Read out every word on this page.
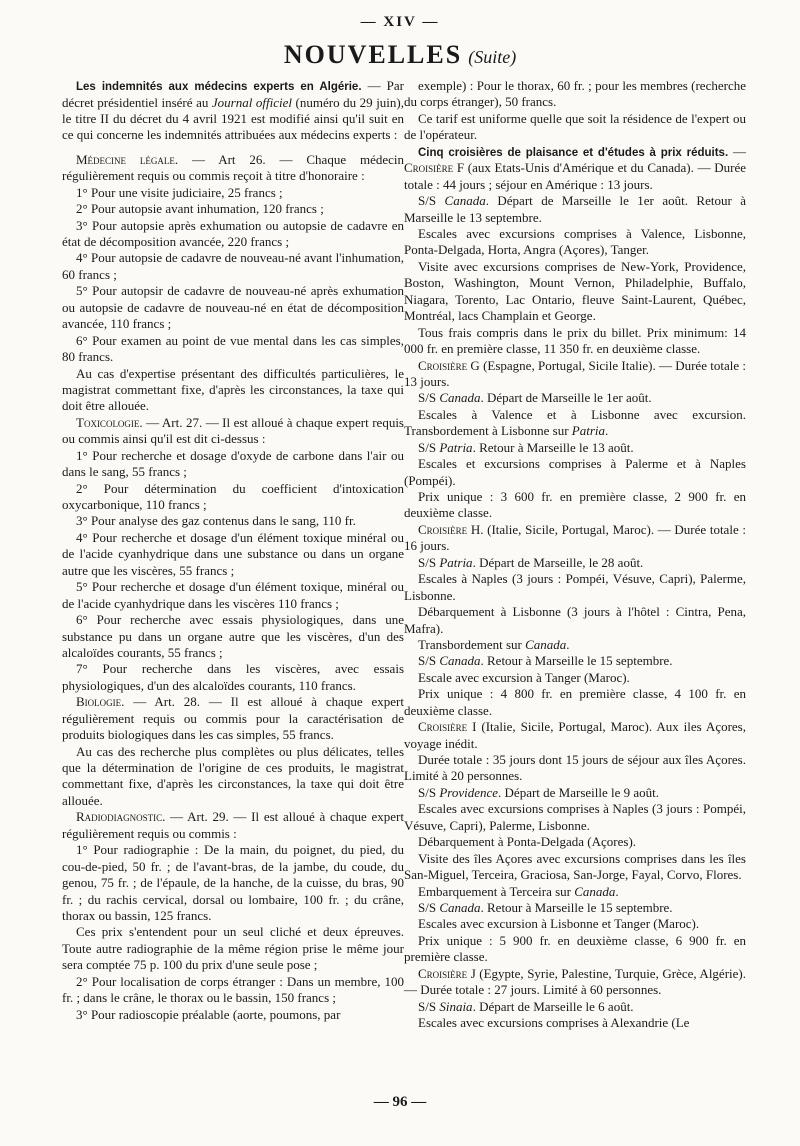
— XIV —
NOUVELLES (Suite)

Les indemnités aux médecins experts en Algérie. — Par décret présidentiel inséré au Journal officiel (numéro du 29 juin), le titre II du décret du 4 avril 1921 est modifié ainsi qu'il suit en ce qui concerne les indemnités attribuées aux médecins experts :

Médecine légale. — Art 26. — Chaque médecin régulièrement requis ou commis reçoit à titre d'honoraire :

1° Pour une visite judiciaire, 25 francs ;

2° Pour autopsie avant inhumation, 120 francs ;

3° Pour autopsie après exhumation ou autopsie de cadavre en état de décomposition avancée, 220 francs ;

4° Pour autopsie de cadavre de nouveau-né avant l'inhumation, 60 francs ;

5° Pour autopsir de cadavre de nouveau-né après exhumation ou autopsie de cadavre de nouveau-né en état de décomposition avancée, 110 francs ;

6° Pour examen au point de vue mental dans les cas simples, 80 francs.

Au cas d'expertise présentant des difficultés particulières, le magistrat commettant fixe, d'après les circonstances, la taxe qui doit être allouée.

Toxicologie. — Art. 27. — Il est alloué à chaque expert requis ou commis ainsi qu'il est dit ci-dessus :

1° Pour recherche et dosage d'oxyde de carbone dans l'air ou dans le sang, 55 francs ;

2° Pour détermination du coefficient d'intoxication oxycarbonique, 110 francs ;

3° Pour analyse des gaz contenus dans le sang, 110 fr.

4° Pour recherche et dosage d'un élément toxique minéral ou de l'acide cyanhydrique dans une substance ou dans un organe autre que les viscères, 55 francs ;

5° Pour recherche et dosage d'un élément toxique, minéral ou de l'acide cyanhydrique dans les viscères 110 francs ;

6° Pour recherche avec essais physiologiques, dans une substance pu dans un organe autre que les viscères, d'un des alcaloïdes courants, 55 francs ;

7° Pour recherche dans les viscères, avec essais physiologiques, d'un des alcaloïdes courants, 110 francs.

Biologie. — Art. 28. — Il est alloué à chaque expert régulièrement requis ou commis pour la caractérisation de produits biologiques dans les cas simples, 55 francs.

Au cas des recherche plus complètes ou plus délicates, telles que la détermination de l'origine de ces produits, le magistrat commettant fixe, d'après les circonstances, la taxe qui doit être allouée.

Radiodiagnostic. — Art. 29. — Il est alloué à chaque expert régulièrement requis ou commis :

1° Pour radiographie : De la main, du poignet, du pied, du cou-de-pied, 50 fr. ; de l'avant-bras, de la jambe, du coude, du genou, 75 fr. ; de l'épaule, de la hanche, de la cuisse, du bras, 90 fr. ; du rachis cervical, dorsal ou lombaire, 100 fr. ; du crâne, thorax ou bassin, 125 francs.

Ces prix s'entendent pour un seul cliché et deux épreuves. Toute autre radiographie de la même région prise le même jour sera comptée 75 p. 100 du prix d'une seule pose ;

2° Pour localisation de corps étranger : Dans un membre, 100 fr. ; dans le crâne, le thorax ou le bassin, 150 francs ;

3° Pour radioscopie préalable (aorte, poumons, par

exemple) : Pour le thorax, 60 fr. ; pour les membres (recherche du corps étranger), 50 francs.

Ce tarif est uniforme quelle que soit la résidence de l'expert ou de l'opérateur.

Cinq croisières de plaisance et d'études à prix réduits. — Croisière F (aux Etats-Unis d'Amérique et du Canada). — Durée totale : 44 jours ; séjour en Amérique : 13 jours.

S/S Canada. Départ de Marseille le 1er août. Retour à Marseille le 13 septembre.

Escales avec excursions comprises à Valence, Lisbonne, Ponta-Delgada, Horta, Angra (Açores), Tanger.

Visite avec excursions comprises de New-York, Providence, Boston, Washington, Mount Vernon, Philadelphie, Buffalo, Niagara, Torento, Lac Ontario, fleuve Saint-Laurent, Québec, Montréal, lacs Champlain et George.

Tous frais compris dans le prix du billet. Prix minimum: 14 000 fr. en première classe, 11 350 fr. en deuxième classe.

Croisière G (Espagne, Portugal, Sicile Italie). — Durée totale : 13 jours.

S/S Canada. Départ de Marseille le 1er août.

Escales à Valence et à Lisbonne avec excursion. Transbordement à Lisbonne sur Patria.

S/S Patria. Retour à Marseille le 13 août.

Escales et excursions comprises à Palerme et à Naples (Pompéi).

Prix unique : 3 600 fr. en première classe, 2 900 fr. en deuxième classe.

Croisière H. (Italie, Sicile, Portugal, Maroc). — Durée totale : 16 jours.

S/S Patria. Départ de Marseille, le 28 août.

Escales à Naples (3 jours : Pompéi, Vésuve, Capri), Palerme, Lisbonne.

Débarquement à Lisbonne (3 jours à l'hôtel : Cintra, Pena, Mafra).

Transbordement sur Canada.

S/S Canada. Retour à Marseille le 15 septembre.

Escale avec excursion à Tanger (Maroc).

Prix unique : 4 800 fr. en première classe, 4 100 fr. en deuxième classe.

Croisière I (Italie, Sicile, Portugal, Maroc). Aux iles Açores, voyage inédit.

Durée totale : 35 jours dont 15 jours de séjour aux îles Açores. Limité à 20 personnes.

S/S Providence. Départ de Marseille le 9 août.

Escales avec excursions comprises à Naples (3 jours : Pompéi, Vésuve, Capri), Palerme, Lisbonne.

Débarquement à Ponta-Delgada (Açores).

Visite des îles Açores avec excursions comprises dans les îles San-Miguel, Terceira, Graciosa, San-Jorge, Fayal, Corvo, Flores.

Embarquement à Terceira sur Canada.

S/S Canada. Retour à Marseille le 15 septembre.

Escales avec excursion à Lisbonne et Tanger (Maroc).

Prix unique : 5 900 fr. en deuxième classe, 6 900 fr. en première classe.

Croisière J (Egypte, Syrie, Palestine, Turquie, Grèce, Algérie). — Durée totale : 27 jours. Limité à 60 personnes.

S/S Sinaia. Départ de Marseille le 6 août.

Escales avec excursions comprises à Alexandrie (Le

— 96 —
